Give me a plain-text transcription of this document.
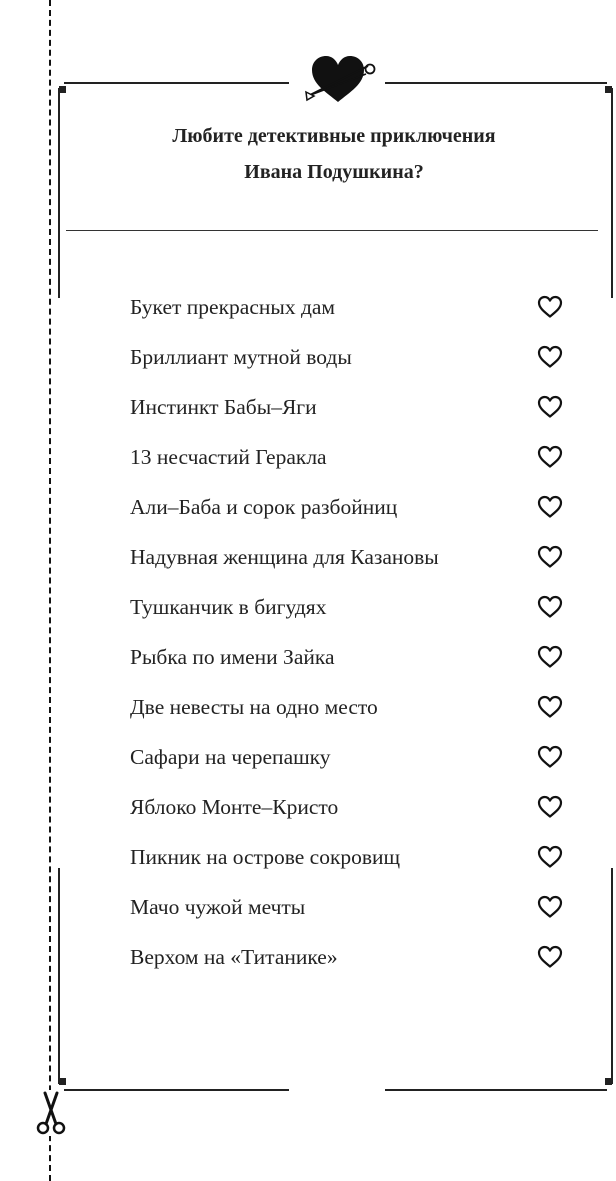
Любите детективные приключения
Ивана Подушкина?
Букет прекрасных дам
Бриллиант мутной воды
Инстинкт Бабы–Яги
13 несчастий Геракла
Али–Баба и сорок разбойниц
Надувная женщина для Казановы
Тушканчик в бигудях
Рыбка по имени Зайка
Две невесты на одно место
Сафари на черепашку
Яблоко Монте–Кристо
Пикник на острове сокровищ
Мачо чужой мечты
Верхом на «Титанике»
